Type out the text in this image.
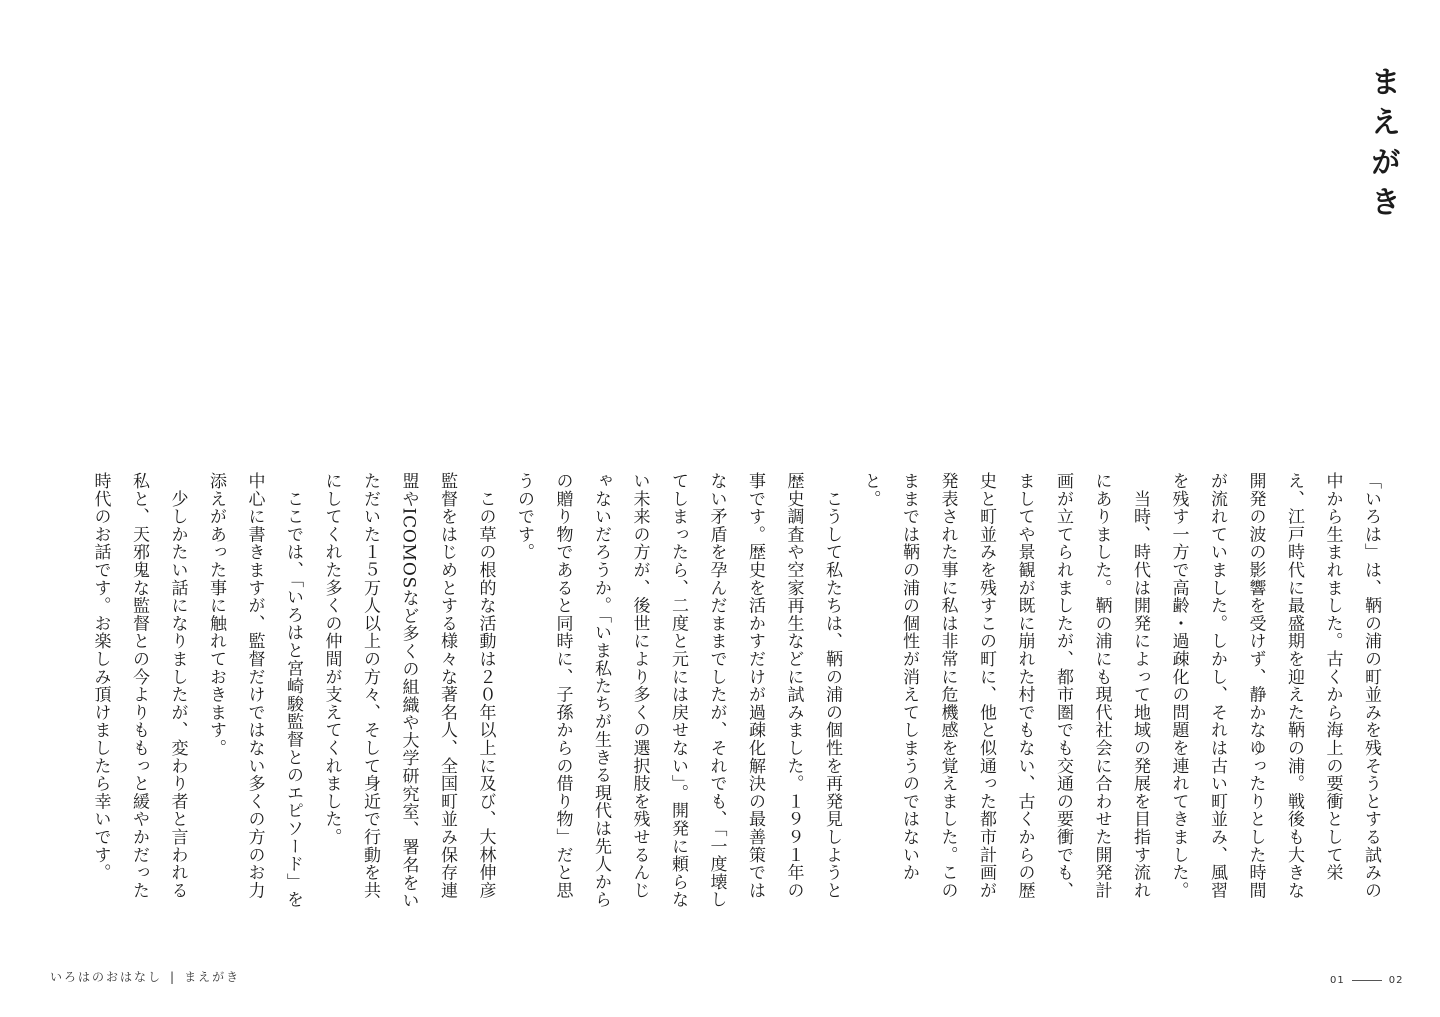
まえがき

「いろは」は、鞆の浦の町並みを残そうとする試みの中から生まれました。古くから海上の要衝として栄え、江戸時代に最盛期を迎えた鞆の浦。戦後も大きな開発の波の影響を受けず、静かなゆったりとした時間が流れていました。しかし、それは古い町並み、風習を残す一方で高齢・過疎化の問題を連れてきました。

　当時、時代は開発によって地域の発展を目指す流れにありました。鞆の浦にも現代社会に合わせた開発計画が立てられましたが、都市圏でも交通の要衝でも、ましてや景観が既に崩れた村でもない、古くからの歴史と町並みを残すこの町に、他と似通った都市計画が発表された事に私は非常に危機感を覚えました。このままでは鞆の浦の個性が消えてしまうのではないかと。

　こうして私たちは、鞆の浦の個性を再発見しようと歴史調査や空家再生などに試みました。１９９１年の事です。歴史を活かすだけが過疎化解決の最善策ではない矛盾を孕んだままでしたが、それでも、「一度壊してしまったら、二度と元には戻せない」。開発に頼らない未来の方が、後世により多くの選択肢を残せるんじゃないだろうか。「いま私たちが生きる現代は先人からの贈り物であると同時に、子孫からの借り物」だと思うのです。

　この草の根的な活動は２０年以上に及び、大林伸彦監督をはじめとする様々な著名人、全国町並み保存連盟やICOMOSなど多くの組織や大学研究室、署名をいただいた１５万人以上の方々、そして身近で行動を共にしてくれた多くの仲間が支えてくれました。

　ここでは、「いろはと宮崎駿監督とのエピソード」を中心に書きますが、監督だけではない多くの方のお力添えがあった事に触れておきます。

　少しかたい話になりましたが、変わり者と言われる私と、天邪鬼な監督との今よりももっと緩やかだった時代のお話です。お楽しみ頂けましたら幸いです。

いろはのおはなし | まえがき	01	02
